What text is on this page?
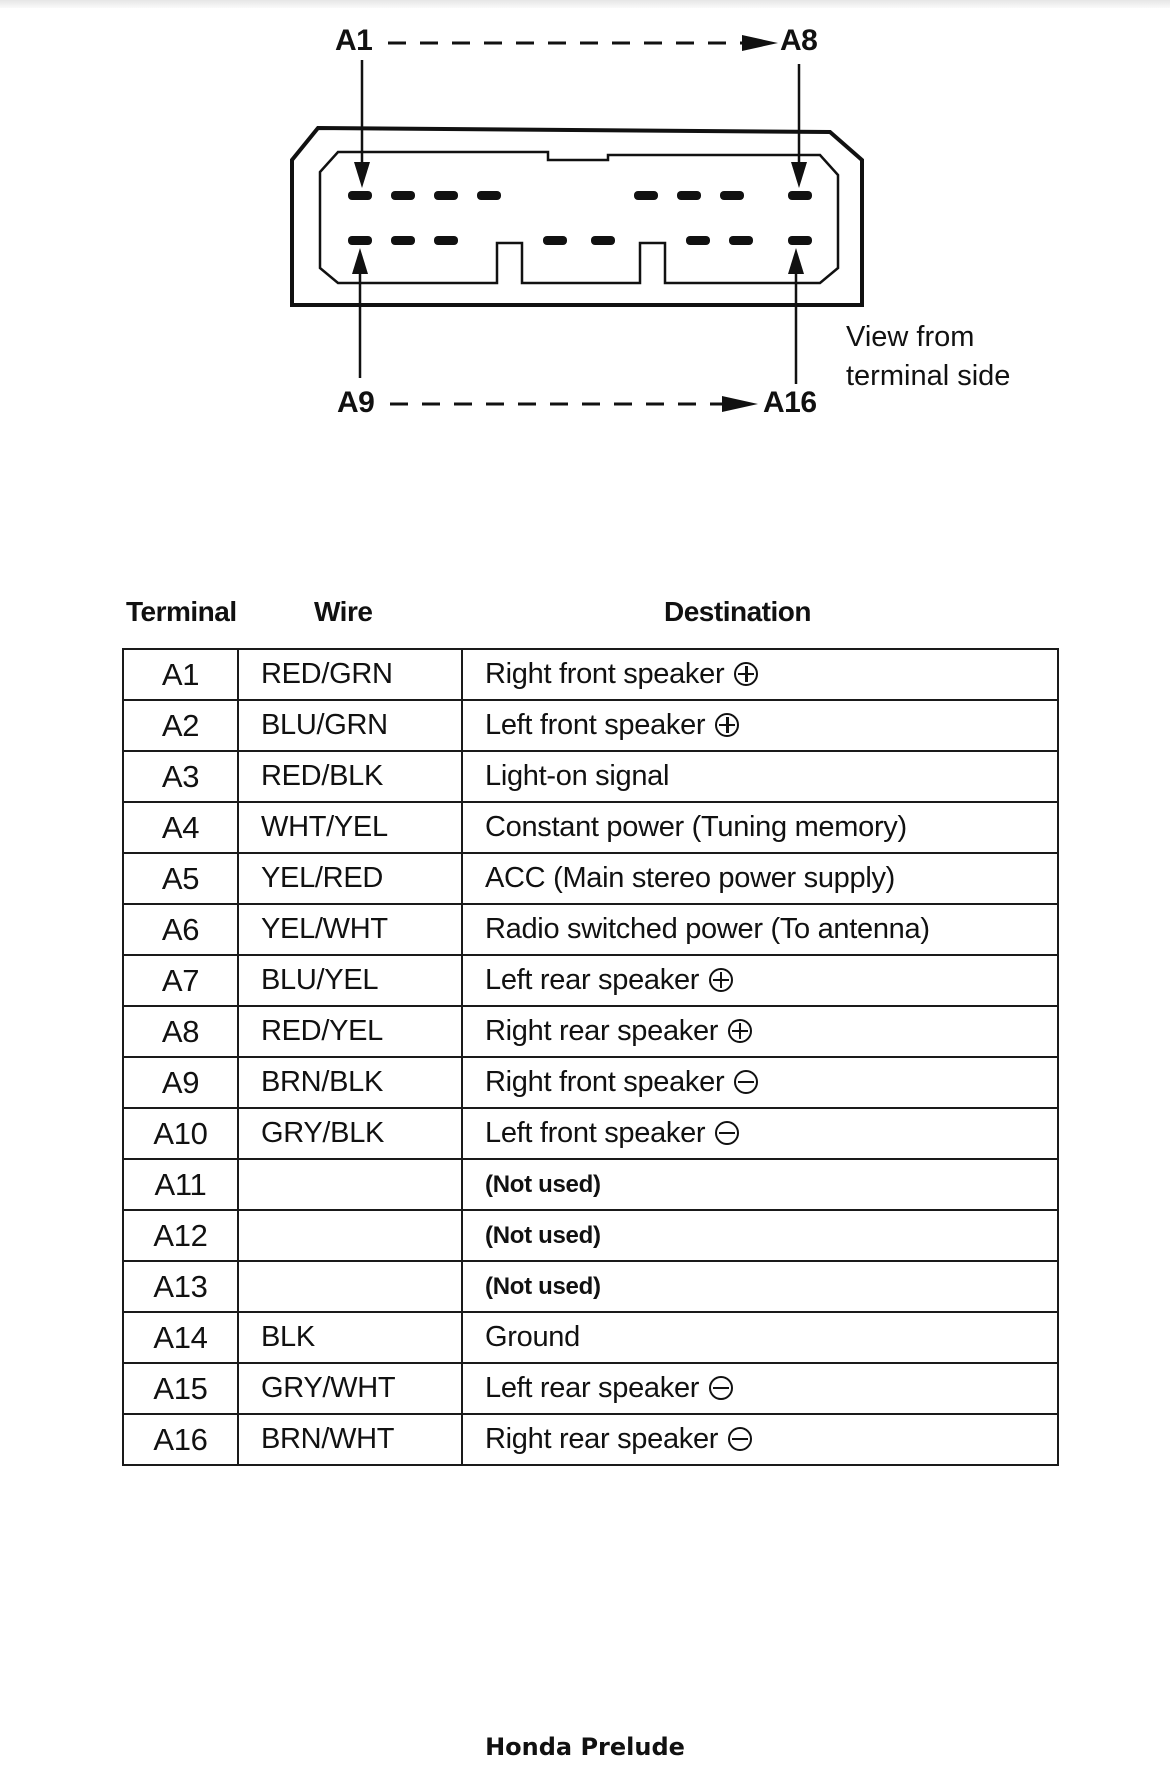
A1	A8
A9	A16
View from
terminal side
Terminal	Wire	Destination
A1	RED/GRN	Right front speaker
A2	BLU/GRN	Left front speaker
A3	RED/BLK	Light-on signal
A4	WHT/YEL	Constant power (Tuning memory)
A5	YEL/RED	ACC (Main stereo power supply)
A6	YEL/WHT	Radio switched power (To antenna)
A7	BLU/YEL	Left rear speaker
A8	RED/YEL	Right rear speaker
A9	BRN/BLK	Right front speaker
A10	GRY/BLK	Left front speaker
A11		(Not used)
A12		(Not used)
A13		(Not used)
A14	BLK	Ground
A15	GRY/WHT	Left rear speaker
A16	BRN/WHT	Right rear speaker
Honda Prelude
